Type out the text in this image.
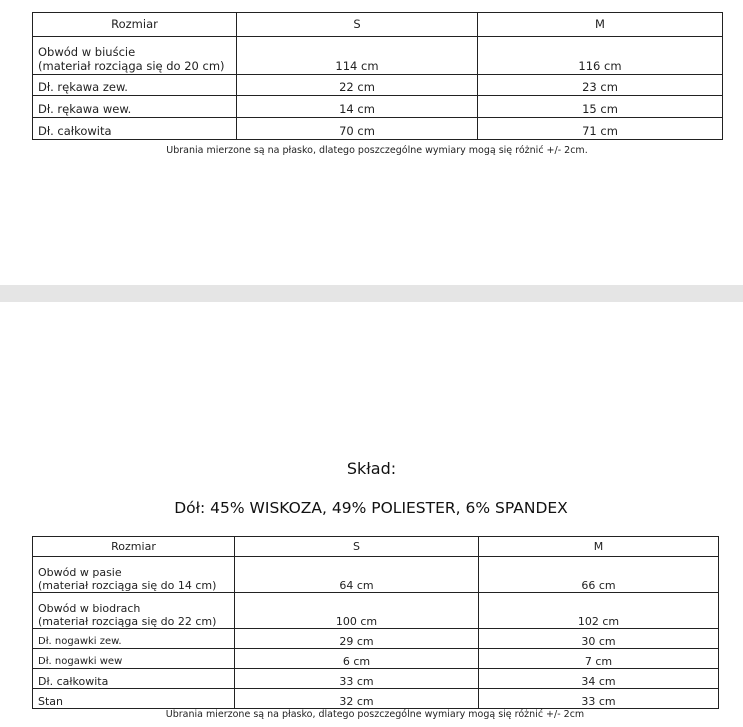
Rozmiar	S	M

Obwód w biuście
(materiał rozciąga się do 20 cm)	114 cm	116 cm
Dł. rękawa zew.	22 cm	23 cm
Dł. rękawa wew.	14 cm	15 cm
Dł. całkowita	70 cm	71 cm
Ubrania mierzone są na płasko, dlatego poszczególne wymiary mogą się różnić +/- 2cm.
Skład:
Dół: 45% WISKOZA, 49% POLIESTER, 6% SPANDEX
Rozmiar	S	M

Obwód w pasie
(materiał rozciąga się do 14 cm)	64 cm	66 cm

Obwód w biodrach
(materiał rozciąga się do 22 cm)	100 cm	102 cm
Dł. nogawki zew.	29 cm	30 cm
Dł. nogawki wew	6 cm	7 cm
Dł. całkowita	33 cm	34 cm
Stan	32 cm	33 cm
Ubrania mierzone są na płasko, dlatego poszczególne wymiary mogą się różnić +/- 2cm
